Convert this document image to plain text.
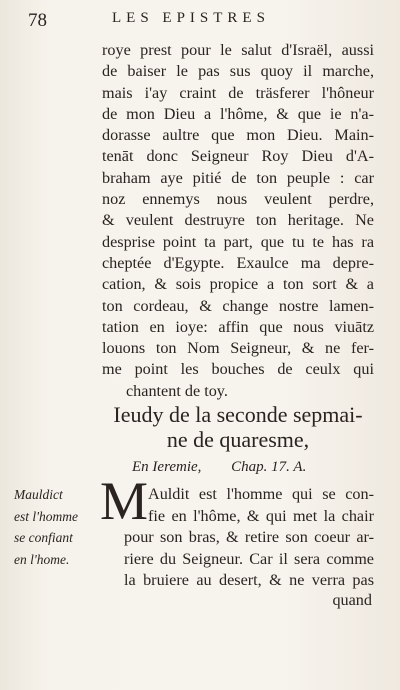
78	LES EPISTRES
roye prest pour le salut d'Israël, aussi
de baiser le pas sus quoy il marche,
mais i'ay craint de träsferer l'hôneur
de mon Dieu a l'hôme, & que ie n'a-
dorasse aultre que mon Dieu. Main-
tenāt donc Seigneur Roy Dieu d'A-
braham aye pitié de ton peuple : car
noz ennemys nous veulent perdre,
& veulent destruyre ton heritage. Ne
desprise point ta part, que tu te has ra
cheptée d'Egypte. Exaulce ma depre-
cation, & sois propice a ton sort & a
ton cordeau, & change nostre lamen-
tation en ioye: affin que nous viuātz
louons ton Nom Seigneur, & ne fer-
me point les bouches de ceulx qui
chantent de toy.
Ieudy de la seconde sepmai-
ne de quaresme,
En Ieremie, Chap. 17. A.
Mauldict
est l'homme
se confiant
en l'home.
M Auldit est l'homme qui se con-
fie en l'hôme, & qui met la chair
pour son bras, & retire son coeur ar-
riere du Seigneur. Car il sera comme
la bruiere au desert, & ne verra pas
quand
